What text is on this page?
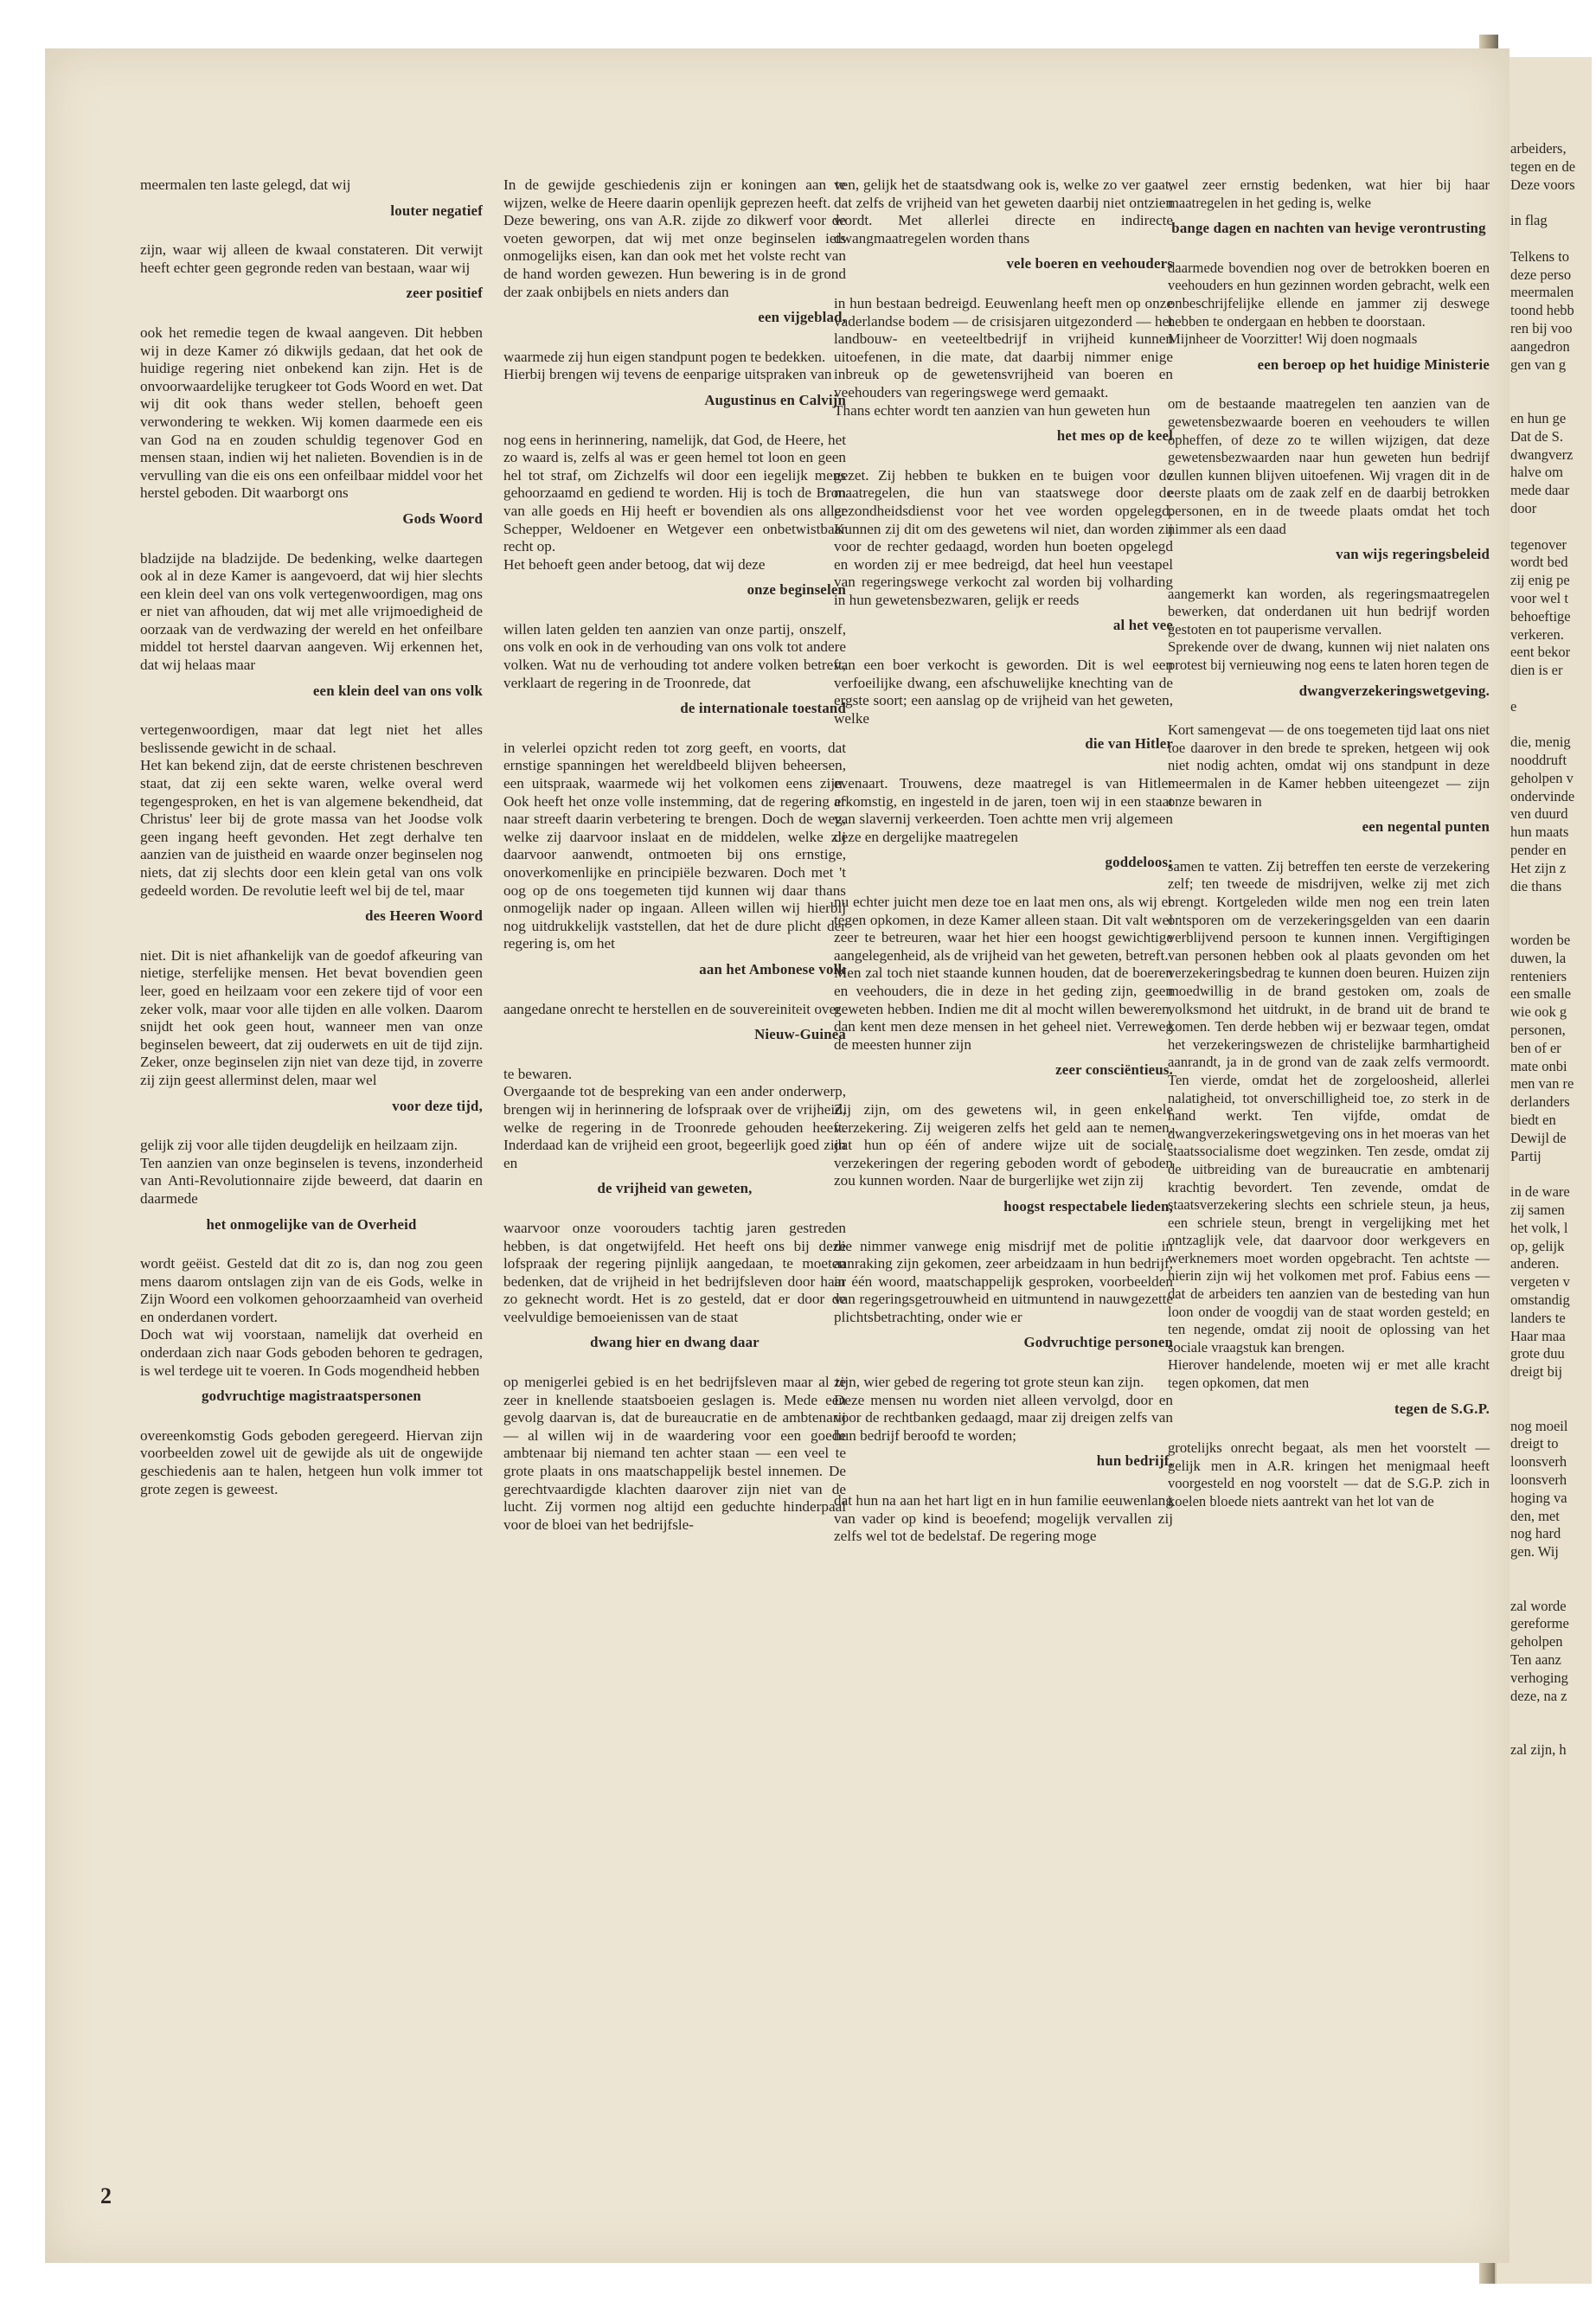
arbeiders,

tegen en de

Deze voors

in flag

Telkens to

deze perso

meermalen

toond hebb

ren bij voo

aangedron

gen van g

en hun ge

Dat de S.

dwangverz

halve om

mede daar

door

tegenover

wordt bed

zij enig pe

voor wel t

behoeftige

verkeren.

eent bekor

dien is er

e

die, menig

nooddruft

geholpen v

ondervinde

ven duurd

hun maats

pender en

Het zijn z

die thans

worden be

duwen, la

renteniers

een smalle

wie ook g

personen,

ben of er

mate onbi

men van re

derlanders

biedt en

Dewijl de

Partij

in de ware

zij samen

het volk, l

op, gelijk

anderen.

vergeten v

omstandig

landers te

Haar maa

grote duu

dreigt bij

nog moeil

dreigt to

loonsverh

loonsverh

hoging va

den, met

nog hard

gen. Wij

zal worde

gereforme

geholpen

Ten aanz

verhoging

deze, na z

zal zijn, h

meermalen ten laste gelegd, dat wij

louter negatief

zijn, waar wij alleen de kwaal constateren. Dit verwijt heeft echter geen gegronde reden van bestaan, waar wij

zeer positief

ook het remedie tegen de kwaal aangeven. Dit hebben wij in deze Kamer zó dikwijls gedaan, dat het ook de huidige regering niet onbekend kan zijn. Het is de onvoorwaardelijke terugkeer tot Gods Woord en wet. Dat wij dit ook thans weder stellen, behoeft geen verwondering te wekken. Wij komen daarmede een eis van God na en zouden schuldig tegenover God en mensen staan, indien wij het nalieten. Bovendien is in de vervulling van die eis ons een onfeilbaar middel voor het herstel geboden. Dit waarborgt ons

Gods Woord

bladzijde na bladzijde. De bedenking, welke daartegen ook al in deze Kamer is aangevoerd, dat wij hier slechts een klein deel van ons volk vertegenwoordigen, mag ons er niet van afhouden, dat wij met alle vrijmoedigheid de oorzaak van de verdwazing der wereld en het onfeilbare middel tot herstel daarvan aangeven. Wij erkennen het, dat wij helaas maar

een klein deel van ons volk

vertegenwoordigen, maar dat legt niet het alles beslissende gewicht in de schaal.

Het kan bekend zijn, dat de eerste christenen beschreven staat, dat zij een sekte waren, welke overal werd tegengesproken, en het is van algemene bekendheid, dat Christus' leer bij de grote massa van het Joodse volk geen ingang heeft gevonden. Het zegt derhalve ten aanzien van de juistheid en waarde onzer beginselen nog niets, dat zij slechts door een klein getal van ons volk gedeeld worden. De revolutie leeft wel bij de tel, maar

des Heeren Woord

niet. Dit is niet afhankelijk van de goedof afkeuring van nietige, sterfelijke mensen. Het bevat bovendien geen leer, goed en heilzaam voor een zekere tijd of voor een zeker volk, maar voor alle tijden en alle volken. Daarom snijdt het ook geen hout, wanneer men van onze beginselen beweert, dat zij ouderwets en uit de tijd zijn. Zeker, onze beginselen zijn niet van deze tijd, in zoverre zij zijn geest allerminst delen, maar wel

voor deze tijd,

gelijk zij voor alle tijden deugdelijk en heilzaam zijn.

Ten aanzien van onze beginselen is tevens, inzonderheid van Anti-Revolutionnaire zijde beweerd, dat daarin en daarmede

het onmogelijke van de Overheid

wordt geëist. Gesteld dat dit zo is, dan nog zou geen mens daarom ontslagen zijn van de eis Gods, welke in Zijn Woord een volkomen gehoorzaamheid van overheid en onderdanen vordert.

Doch wat wij voorstaan, namelijk dat overheid en onderdaan zich naar Gods geboden behoren te gedragen, is wel terdege uit te voeren. In Gods mogendheid hebben

godvruchtige magistraatspersonen

overeenkomstig Gods geboden geregeerd. Hiervan zijn voorbeelden zowel uit de gewijde als uit de ongewijde geschiedenis aan te halen, hetgeen hun volk immer tot grote zegen is geweest.

In de gewijde geschiedenis zijn er koningen aan te wijzen, welke de Heere daarin openlijk geprezen heeft.

Deze bewering, ons van A.R. zijde zo dikwerf voor de voeten geworpen, dat wij met onze beginselen iets onmogelijks eisen, kan dan ook met het volste recht van de hand worden gewezen. Hun bewering is in de grond der zaak onbijbels en niets anders dan

een vijgeblad,

waarmede zij hun eigen standpunt pogen te bedekken.

Hierbij brengen wij tevens de eenparige uitspraken van

Augustinus en Calvijn

nog eens in herinnering, namelijk, dat God, de Heere, het zo waard is, zelfs al was er geen hemel tot loon en geen hel tot straf, om Zichzelfs wil door een iegelijk mens gehoorzaamd en gediend te worden. Hij is toch de Bron van alle goeds en Hij heeft er bovendien als ons aller Schepper, Weldoener en Wetgever een onbetwistbaar recht op.

Het behoeft geen ander betoog, dat wij deze

onze beginselen

willen laten gelden ten aanzien van onze partij, onszelf, ons volk en ook in de verhouding van ons volk tot andere volken. Wat nu de verhouding tot andere volken betreft, verklaart de regering in de Troonrede, dat

de internationale toestand

in velerlei opzicht reden tot zorg geeft, en voorts, dat ernstige spanningen het wereldbeeld blijven beheersen, een uitspraak, waarmede wij het volkomen eens zijn. Ook heeft het onze volle instemming, dat de regering er naar streeft daarin verbetering te brengen. Doch de weg, welke zij daarvoor inslaat en de middelen, welke zij daarvoor aanwendt, ontmoeten bij ons ernstige, onoverkomenlijke en principiële bezwaren. Doch met 't oog op de ons toegemeten tijd kunnen wij daar thans onmogelijk nader op ingaan. Alleen willen wij hierbij nog uitdrukkelijk vaststellen, dat het de dure plicht der regering is, om het

aan het Ambonese volk

aangedane onrecht te herstellen en de souvereiniteit over

Nieuw-Guinea

te bewaren.

Overgaande tot de bespreking van een ander onderwerp, brengen wij in herinnering de lofspraak over de vrijheid, welke de regering in de Troonrede gehouden heeft. Inderdaad kan de vrijheid een groot, begeerlijk goed zijn en

de vrijheid van geweten,

waarvoor onze voorouders tachtig jaren gestreden hebben, is dat ongetwijfeld. Het heeft ons bij deze lofspraak der regering pijnlijk aangedaan, te moeten bedenken, dat de vrijheid in het bedrijfsleven door haar zo geknecht wordt. Het is zo gesteld, dat er door de veelvuldige bemoeienissen van de staat

dwang hier en dwang daar

op menigerlei gebied is en het bedrijfsleven maar al te zeer in knellende staatsboeien geslagen is. Mede een gevolg daarvan is, dat de bureaucratie en de ambtenarij — al willen wij in de waardering voor een goede ambtenaar bij niemand ten achter staan — een veel te grote plaats in ons maatschappelijk bestel innemen. De gerechtvaardigde klachten daarover zijn niet van de lucht. Zij vormen nog altijd een geduchte hinderpaal voor de bloei van het bedrijfsle-

ven, gelijk het de staatsdwang ook is, welke zo ver gaat, dat zelfs de vrijheid van het geweten daarbij niet ontzien wordt. Met allerlei directe en indirecte dwangmaatregelen worden thans

vele boeren en veehouders

in hun bestaan bedreigd. Eeuwenlang heeft men op onze vaderlandse bodem — de crisisjaren uitgezonderd — het landbouw- en veeteeltbedrijf in vrijheid kunnen uitoefenen, in die mate, dat daarbij nimmer enige inbreuk op de gewetensvrijheid van boeren en veehouders van regeringswege werd gemaakt.

Thans echter wordt ten aanzien van hun geweten hun

het mes op de keel

gezet. Zij hebben te bukken en te buigen voor de maatregelen, die hun van staatswege door de gezondheidsdienst voor het vee worden opgelegd. Kunnen zij dit om des gewetens wil niet, dan worden zij voor de rechter gedaagd, worden hun boeten opgelegd en worden zij er mee bedreigd, dat heel hun veestapel van regeringswege verkocht zal worden bij volharding in hun gewetensbezwaren, gelijk er reeds

al het vee

van een boer verkocht is geworden. Dit is wel een verfoeilijke dwang, een afschuwelijke knechting van de ergste soort; een aanslag op de vrijheid van het geweten, welke

die van Hitler

evenaart. Trouwens, deze maatregel is van Hitler afkomstig, en ingesteld in de jaren, toen wij in een staat van slavernij verkeerden. Toen achtte men vrij algemeen deze en dergelijke maatregelen

goddeloos;

nu echter juicht men deze toe en laat men ons, als wij er tegen opkomen, in deze Kamer alleen staan. Dit valt wel zeer te betreuren, waar het hier een hoogst gewichtige aangelegenheid, als de vrijheid van het geweten, betreft.

Men zal toch niet staande kunnen houden, dat de boeren en veehouders, die in deze in het geding zijn, geen geweten hebben. Indien me dit al mocht willen beweren, dan kent men deze mensen in het geheel niet. Verreweg de meesten hunner zijn

zeer consciëntieus.

Zij zijn, om des gewetens wil, in geen enkele verzekering. Zij weigeren zelfs het geld aan te nemen, dat hun op één of andere wijze uit de sociale verzekeringen der regering geboden wordt of geboden zou kunnen worden. Naar de burgerlijke wet zijn zij

hoogst respectabele lieden,

die nimmer vanwege enig misdrijf met de politie in aanraking zijn gekomen, zeer arbeidzaam in hun bedrijf, in één woord, maatschappelijk gesproken, voorbeelden van regeringsgetrouwheid en uitmuntend in nauwgezette plichtsbetrachting, onder wie er

Godvruchtige personen

zijn, wier gebed de regering tot grote steun kan zijn.

Deze mensen nu worden niet alleen vervolgd, door en voor de rechtbanken gedaagd, maar zij dreigen zelfs van hun bedrijf beroofd te worden;

hun bedrijf,

dat hun na aan het hart ligt en in hun familie eeuwenlang van vader op kind is beoefend; mogelijk vervallen zij zelfs wel tot de bedelstaf. De regering moge

wel zeer ernstig bedenken, wat hier bij haar maatregelen in het geding is, welke

bange dagen en nachten van hevige verontrusting

daarmede bovendien nog over de betrokken boeren en veehouders en hun gezinnen worden gebracht, welk een onbeschrijfelijke ellende en jammer zij deswege hebben te ondergaan en hebben te doorstaan.

Mijnheer de Voorzitter! Wij doen nogmaals

een beroep op het huidige Ministerie

om de bestaande maatregelen ten aanzien van de gewetensbezwaarde boeren en veehouders te willen opheffen, of deze zo te willen wijzigen, dat deze gewetensbezwaarden naar hun geweten hun bedrijf zullen kunnen blijven uitoefenen. Wij vragen dit in de eerste plaats om de zaak zelf en de daarbij betrokken personen, en in de tweede plaats omdat het toch nimmer als een daad

van wijs regeringsbeleid

aangemerkt kan worden, als regeringsmaatregelen bewerken, dat onderdanen uit hun bedrijf worden gestoten en tot pauperisme vervallen.

Sprekende over de dwang, kunnen wij niet nalaten ons protest bij vernieuwing nog eens te laten horen tegen de

dwangverzekeringswetgeving.

Kort samengevat — de ons toegemeten tijd laat ons niet toe daarover in den brede te spreken, hetgeen wij ook niet nodig achten, omdat wij ons standpunt in deze meermalen in de Kamer hebben uiteengezet — zijn onze bewaren in

een negental punten

samen te vatten. Zij betreffen ten eerste de verzekering zelf; ten tweede de misdrijven, welke zij met zich brengt. Kortgeleden wilde men nog een trein laten ontsporen om de verzekeringsgelden van een daarin verblijvend persoon te kunnen innen. Vergiftigingen van personen hebben ook al plaats gevonden om het verzekeringsbedrag te kunnen doen beuren. Huizen zijn moedwillig in de brand gestoken om, zoals de volksmond het uitdrukt, in de brand uit de brand te komen. Ten derde hebben wij er bezwaar tegen, omdat het verzekeringswezen de christelijke barmhartigheid aanrandt, ja in de grond van de zaak zelfs vermoordt. Ten vierde, omdat het de zorgeloosheid, allerlei nalatigheid, tot onverschilligheid toe, zo sterk in de hand werkt. Ten vijfde, omdat de dwangverzekeringswetgeving ons in het moeras van het staatssocialisme doet wegzinken. Ten zesde, omdat zij de uitbreiding van de bureaucratie en ambtenarij krachtig bevordert. Ten zevende, omdat de staatsverzekering slechts een schriele steun, ja heus, een schriele steun, brengt in vergelijking met het ontzaglijk vele, dat daarvoor door werkgevers en werknemers moet worden opgebracht. Ten achtste — hierin zijn wij het volkomen met prof. Fabius eens — dat de arbeiders ten aanzien van de besteding van hun loon onder de voogdij van de staat worden gesteld; en ten negende, omdat zij nooit de oplossing van het sociale vraagstuk kan brengen.

Hierover handelende, moeten wij er met alle kracht tegen opkomen, dat men

tegen de S.G.P.

grotelijks onrecht begaat, als men het voorstelt — gelijk men in A.R. kringen het menigmaal heeft voorgesteld en nog voorstelt — dat de S.G.P. zich in koelen bloede niets aantrekt van het lot van de

2
